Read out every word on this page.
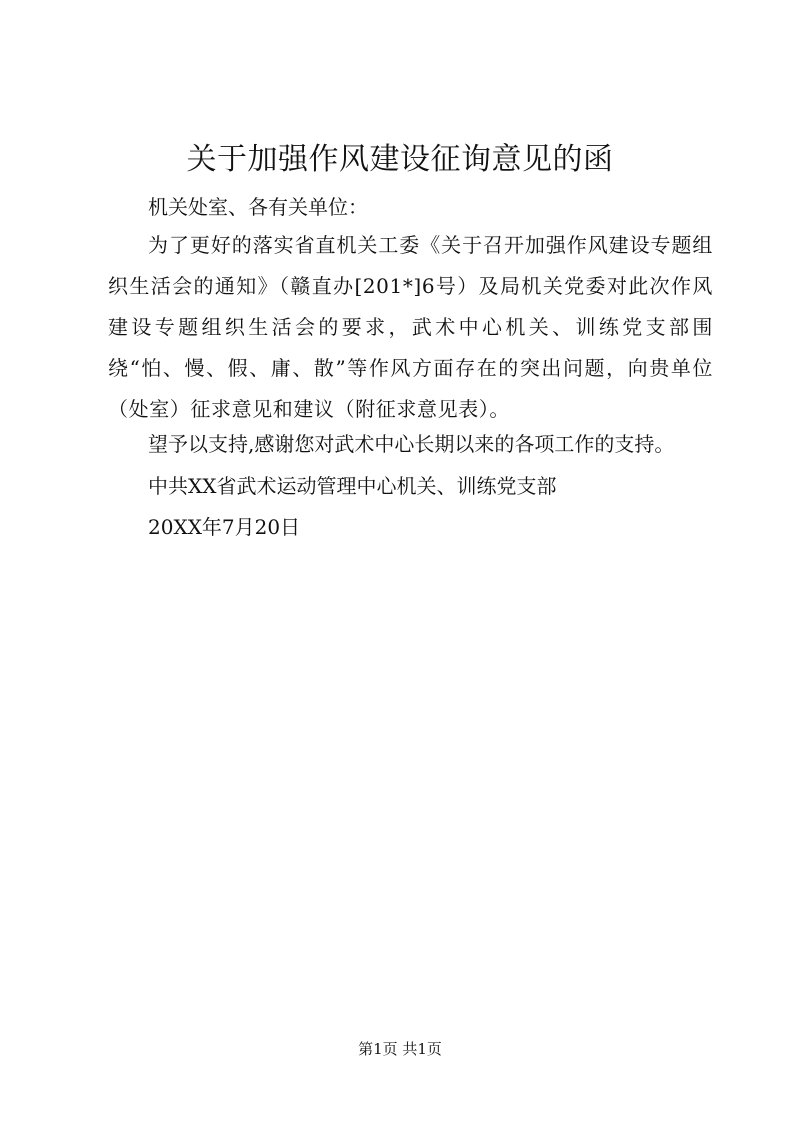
关于加强作风建设征询意见的函
机关处室、各有关单位：
为了更好的落实省直机关工委《关于召开加强作风建设专题组织生活会的通知》（赣直办[201*]6号）及局机关党委对此次作风建设专题组织生活会的要求，武术中心机关、训练党支部围绕“怕、慢、假、庸、散”等作风方面存在的突出问题，向贵单位（处室）征求意见和建议（附征求意见表）。
望予以支持,感谢您对武术中心长期以来的各项工作的支持。
中共XX省武术运动管理中心机关、训练党支部
20XX年7月20日
第1页 共1页
